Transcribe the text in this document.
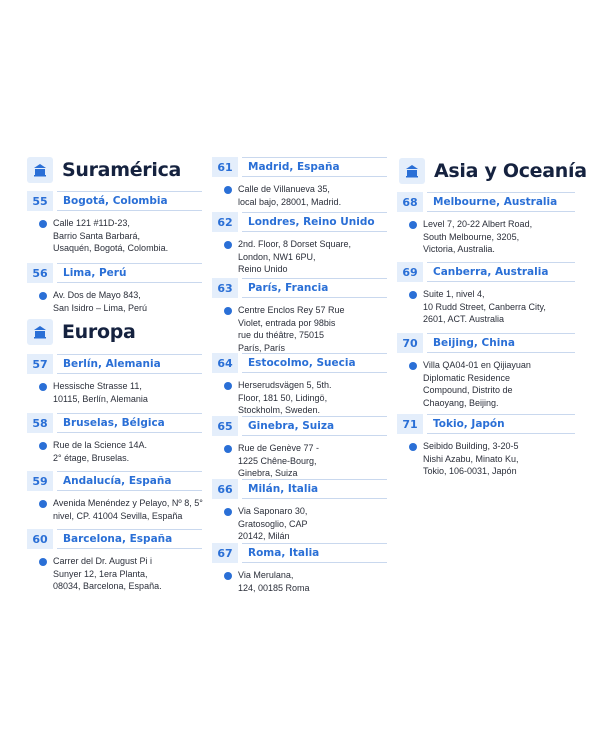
Suramérica
Europa
Asia y Oceanía
55	Bogotá, Colombia
Calle 121 #11D-23,
Barrio Santa Barbará,
Usaquén, Bogotá, Colombia.
56	Lima, Perú
Av. Dos de Mayo 843,
San Isidro – Lima, Perú
57	Berlín, Alemania
Hessische Strasse 11,
10115, Berlín, Alemania
58	Bruselas, Bélgica
Rue de la Science 14A.
2° étage, Bruselas.
59	Andalucía, España
Avenida Menéndez y Pelayo, Nº 8, 5°
nivel, CP. 41004 Sevilla, España
60	Barcelona, España
Carrer del Dr. August Pi i
Sunyer 12, 1era Planta,
08034, Barcelona, España.
61	Madrid, España
Calle de Villanueva 35,
local bajo, 28001, Madrid.
62	Londres, Reino Unido
2nd. Floor, 8 Dorset Square,
London, NW1 6PU,
Reino Unido
63	París, Francia
Centre Enclos Rey 57 Rue
Violet, entrada por 98bis
rue du théâtre, 75015
París, París
64	Estocolmo, Suecia
Herserudsvägen 5, 5th.
Floor, 181 50, Lidingö,
Stockholm, Sweden.
65	Ginebra, Suiza
Rue de Genève 77 -
1225 Chêne-Bourg,
Ginebra, Suiza
66	Milán, Italia
Via Saponaro 30,
Gratosoglio, CAP
20142, Milán
67	Roma, Italia
Via Merulana,
124, 00185 Roma
68	Melbourne, Australia
Level 7, 20-22 Albert Road,
South Melbourne, 3205,
Victoria, Australia.
69	Canberra, Australia
Suite 1, nivel 4,
10 Rudd Street, Canberra City,
2601, ACT. Australia
70	Beijing, China
Villa QA04-01 en Qijiayuan
Diplomatic Residence
Compound, Distrito de
Chaoyang, Beijing.
71	Tokio, Japón
Seibido Building, 3-20-5
Nishi Azabu, Minato Ku,
Tokio, 106-0031, Japón
